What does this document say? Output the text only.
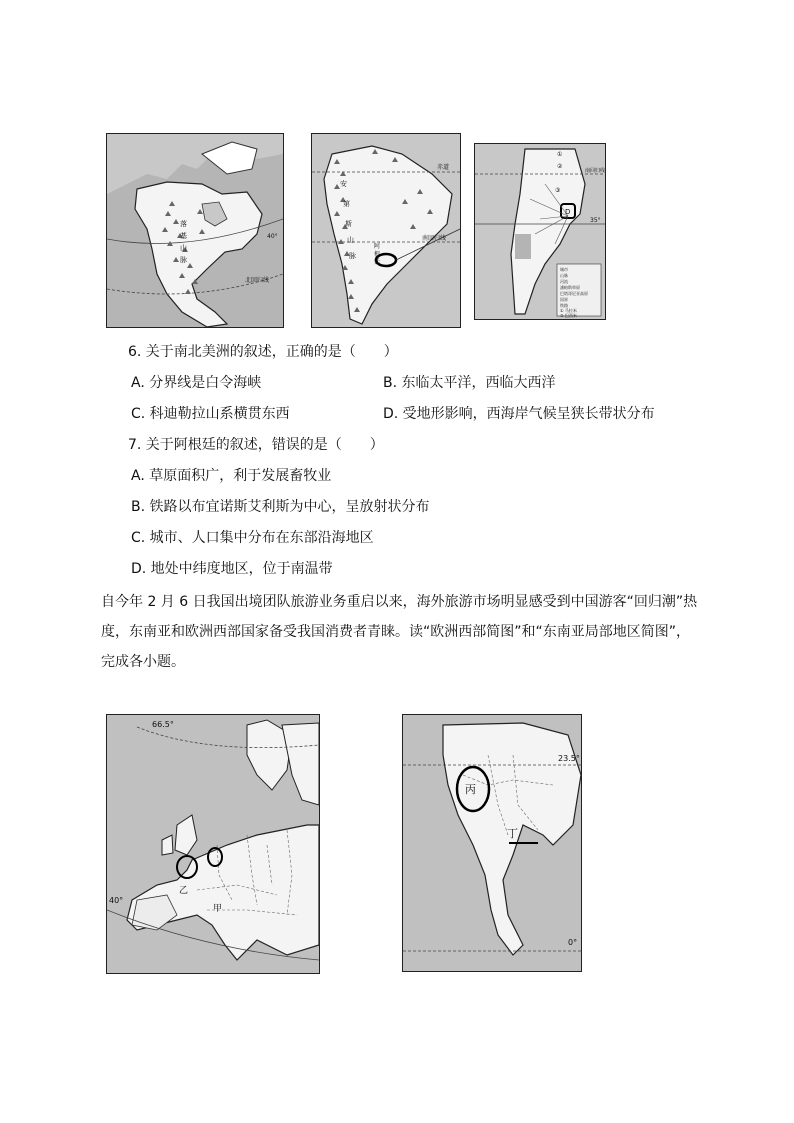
落
基
山
脉
40°
北回归线
赤道
安
第
斯
山
脉
阿
根
廷
南回归线
南回归线
35°
①
②
③
D
城市
山脉
河流
潘帕斯草原
巴塔哥尼亚高原
国界
铁路
① 马拉米
② 巴西米
6. 关于南北美洲的叙述，正确的是（　　）
A. 分界线是白令海峡	B. 东临太平洋，西临大西洋
C. 科迪勒拉山系横贯东西	D. 受地形影响，西海岸气候呈狭长带状分布
7. 关于阿根廷的叙述，错误的是（　　）
A. 草原面积广，利于发展畜牧业
B. 铁路以布宜诺斯艾利斯为中心，呈放射状分布
C. 城市、人口集中分布在东部沿海地区
D. 地处中纬度地区，位于南温带
自今年 2 月 6 日我国出境团队旅游业务重启以来，海外旅游市场明显感受到中国游客“回归潮”热度，东南亚和欧洲西部国家备受我国消费者青睐。读“欧洲西部简图”和“东南亚局部地区简图”，完成各小题。
66.5°
40°
甲
乙
23.5°
丙
丁
0°
